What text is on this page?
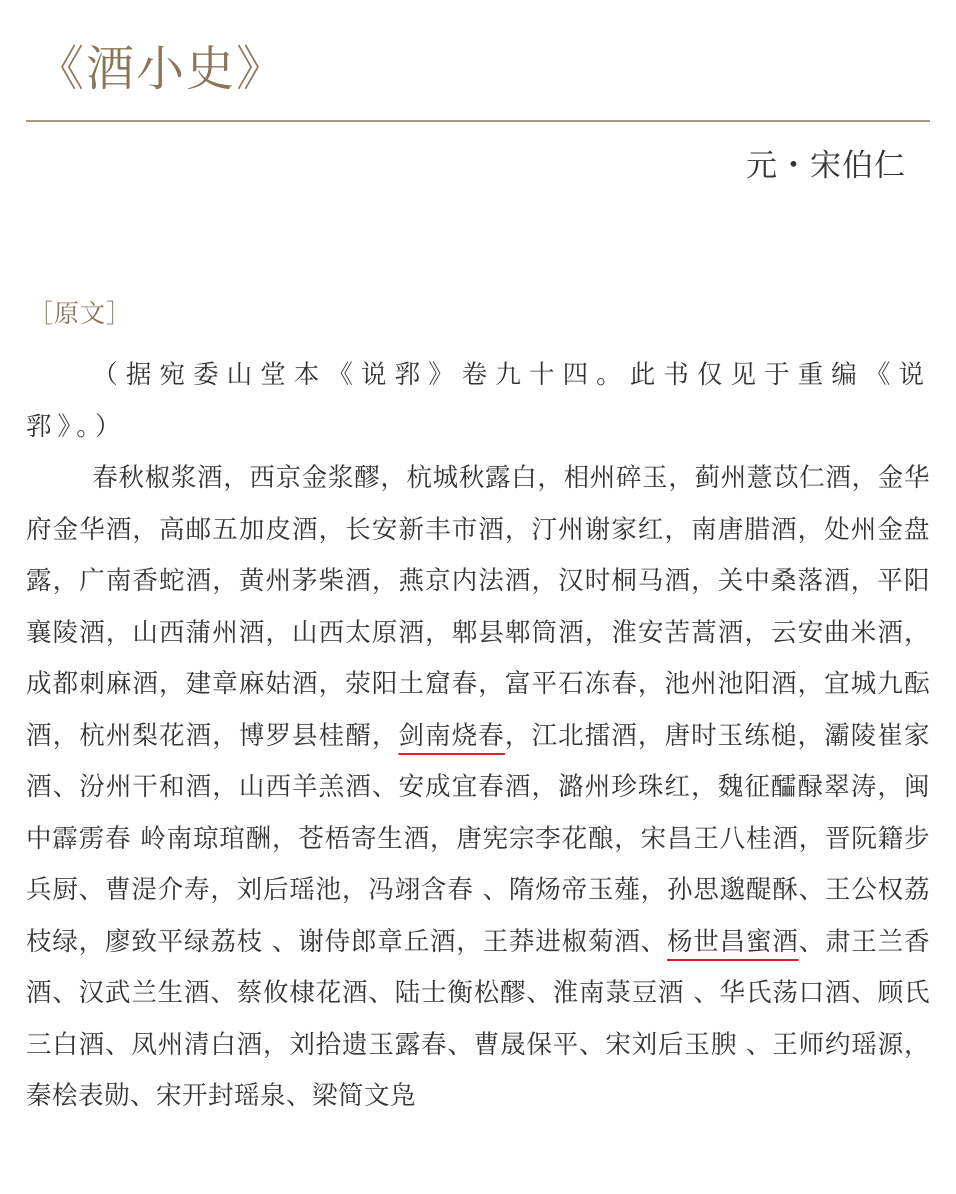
《酒小史》
元・宋伯仁
［原文］

（据宛委山堂本《说郛》卷九十四。此书仅见于重编《说郛》。）

春秋椒浆酒，西京金浆醪，杭城秋露白，相州碎玉，蓟州薏苡仁酒，金华府金华酒，高邮五加皮酒，长安新丰市酒，汀州谢家红，南唐腊酒，处州金盘露，广南香蛇酒，黄州茅柴酒，燕京内法酒，汉时桐马酒，关中桑落酒，平阳襄陵酒，山西蒲州酒，山西太原酒，郫县郫筒酒，淮安苦蒿酒，云安曲米酒，成都刺麻酒，建章麻姑酒，荥阳土窟春，富平石冻春，池州池阳酒，宜城九酝酒，杭州梨花酒，博罗县桂醑，剑南烧春，江北擂酒，唐时玉练槌，灞陵崔家酒、汾州干和酒，山西羊羔酒、安成宜春酒，潞州珍珠红，魏征醽醁翠涛，闽中霹雳春 岭南琼琯酬，苍梧寄生酒，唐宪宗李花酿，宋昌王八桂酒，晋阮籍步兵厨、曹湜介寿，刘后瑶池，冯翊含春 、隋炀帝玉薤，孙思邈醍酥、王公权荔枝绿，廖致平绿荔枝 、谢侍郎章丘酒，王莽进椒菊酒、杨世昌蜜酒、肃王兰香酒、汉武兰生酒、蔡攸棣花酒、陆士衡松醪、淮南菉豆酒 、华氏荡口酒、顾氏三白酒、凤州清白酒，刘拾遗玉露春、曹晟保平、宋刘后玉腴 、王师约瑶源，秦桧表勋、宋开封瑶泉、梁简文凫
